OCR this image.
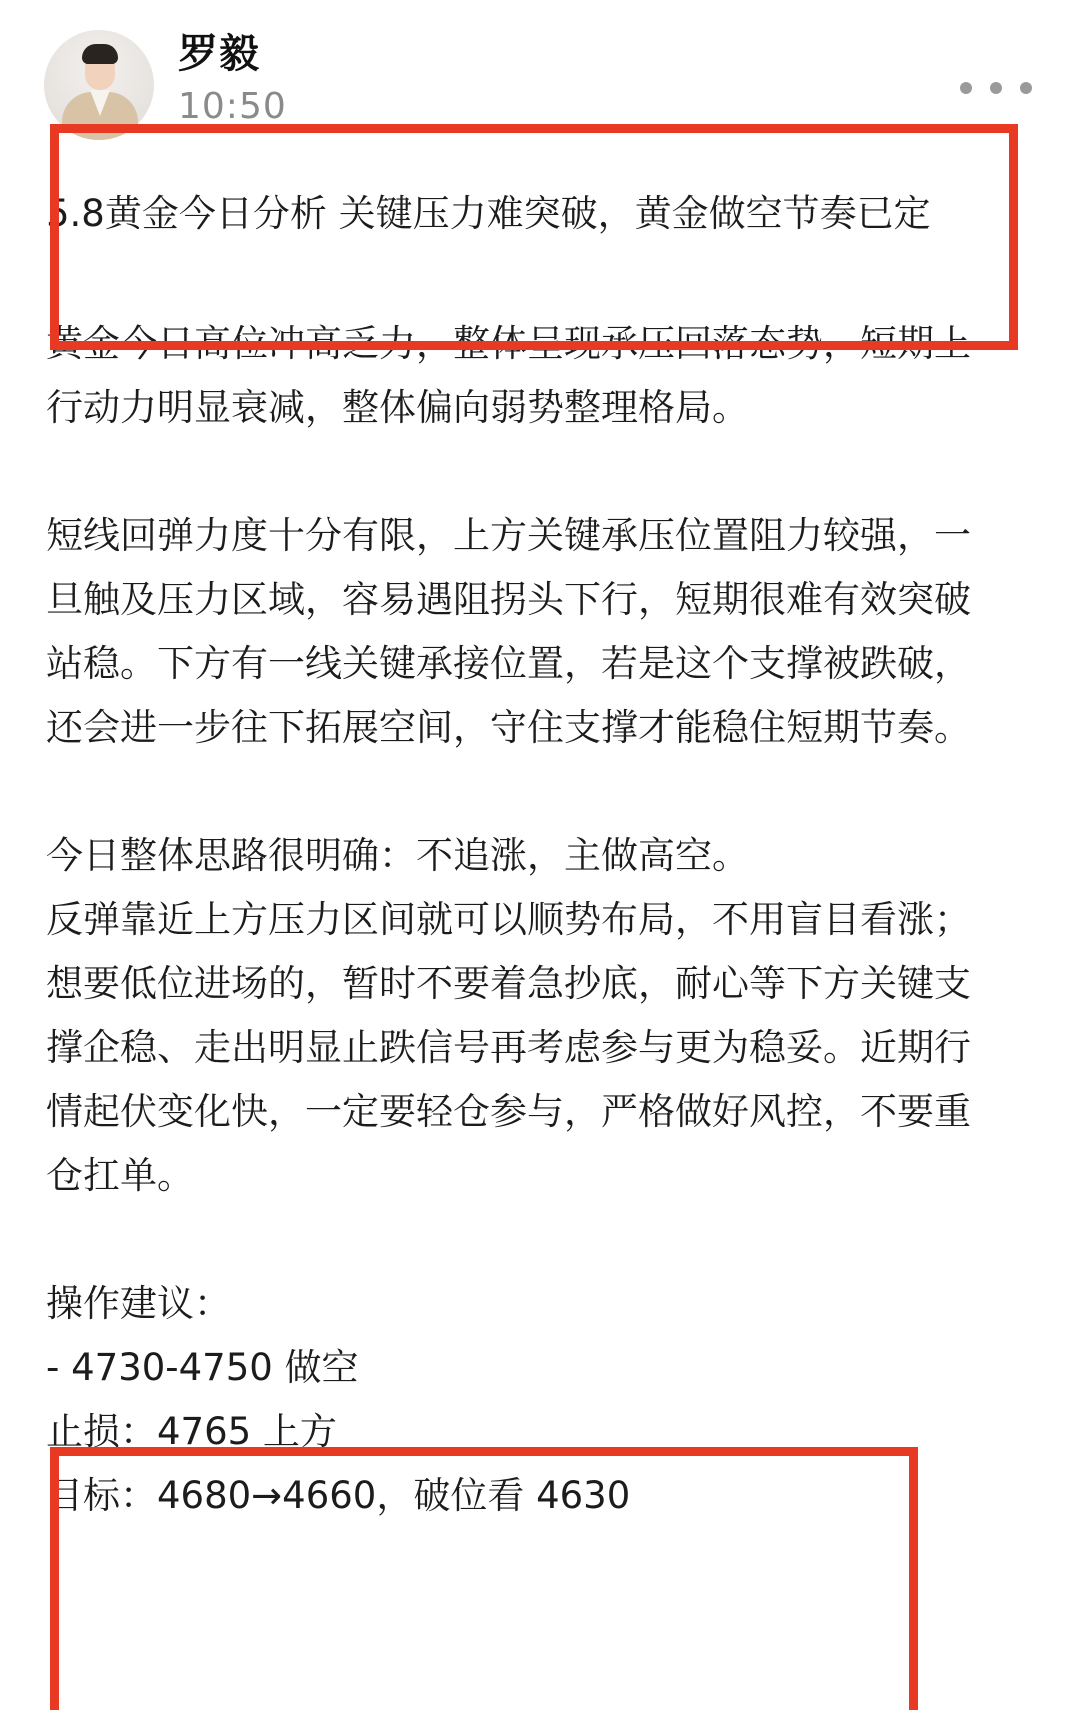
罗毅
10:50

5.8黄金今日分析 关键压力难突破，黄金做空节奏已定

黄金今日高位冲高乏力，整体呈现承压回落态势，短期上行动力明显衰减，整体偏向弱势整理格局。

短线回弹力度十分有限，上方关键承压位置阻力较强，一旦触及压力区域，容易遇阻拐头下行，短期很难有效突破站稳。下方有一线关键承接位置，若是这个支撑被跌破，还会进一步往下拓展空间，守住支撑才能稳住短期节奏。

今日整体思路很明确：不追涨，主做高空。

反弹靠近上方压力区间就可以顺势布局，不用盲目看涨；想要低位进场的，暂时不要着急抄底，耐心等下方关键支撑企稳、走出明显止跌信号再考虑参与更为稳妥。近期行情起伏变化快，一定要轻仓参与，严格做好风控，不要重仓扛单。

操作建议：

- 4730-4750 做空

止损：4765 上方

目标：4680→4660，破位看 4630
